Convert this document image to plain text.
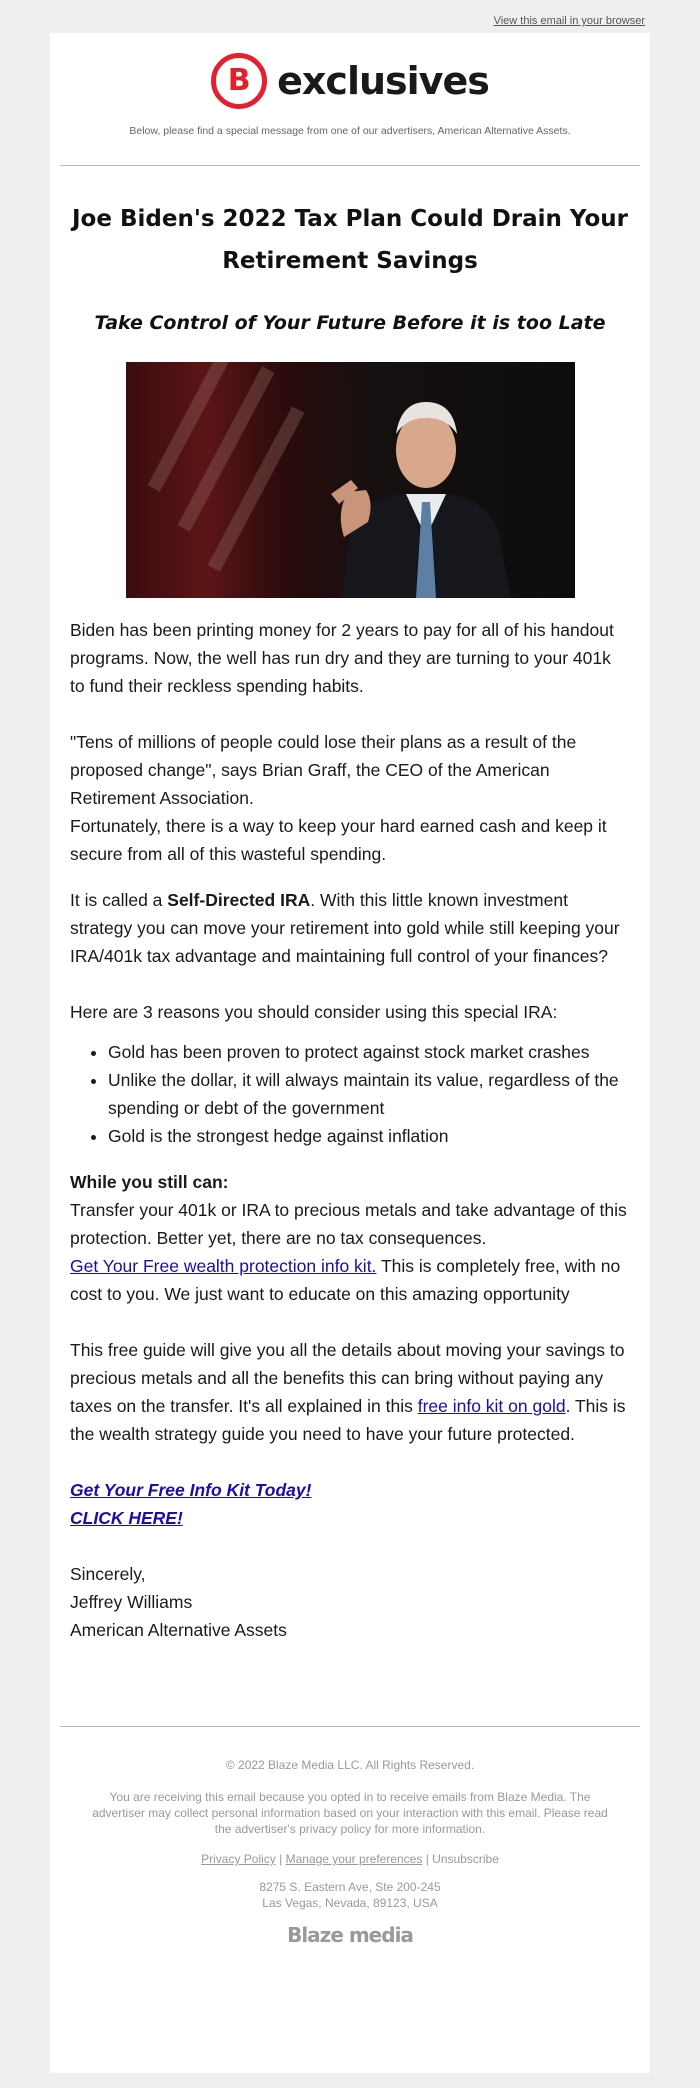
View this email in your browser
B exclusives
Below, please find a special message from one of our advertisers, American Alternative Assets.
Joe Biden's 2022 Tax Plan Could Drain Your Retirement Savings
Take Control of Your Future Before it is too Late

Biden has been printing money for 2 years to pay for all of his handout programs. Now, the well has run dry and they are turning to your 401k to fund their reckless spending habits.

"Tens of millions of people could lose their plans as a result of the proposed change", says Brian Graff, the CEO of the American Retirement Association.

Fortunately, there is a way to keep your hard earned cash and keep it secure from all of this wasteful spending.

It is called a Self-Directed IRA. With this little known investment strategy you can move your retirement into gold while still keeping your IRA/401k tax advantage and maintaining full control of your finances?

Here are 3 reasons you should consider using this special IRA:

• Gold has been proven to protect against stock market crashes
• Unlike the dollar, it will always maintain its value, regardless of the spending or debt of the government
• Gold is the strongest hedge against inflation

While you still can:
Transfer your 401k or IRA to precious metals and take advantage of this protection. Better yet, there are no tax consequences.
Get Your Free wealth protection info kit. This is completely free, with no cost to you. We just want to educate on this amazing opportunity

This free guide will give you all the details about moving your savings to precious metals and all the benefits this can bring without paying any taxes on the transfer. It's all explained in this free info kit on gold. This is the wealth strategy guide you need to have your future protected.

Get Your Free Info Kit Today!
CLICK HERE!

Sincerely,
Jeffrey Williams
American Alternative Assets

© 2022 Blaze Media LLC. All Rights Reserved.
You are receiving this email because you opted in to receive emails from Blaze Media. The advertiser may collect personal information based on your interaction with this email. Please read the advertiser's privacy policy for more information.
Privacy Policy | Manage your preferences | Unsubscribe
8275 S. Eastern Ave, Ste 200-245
Las Vegas, Nevada, 89123, USA
Blaze media
